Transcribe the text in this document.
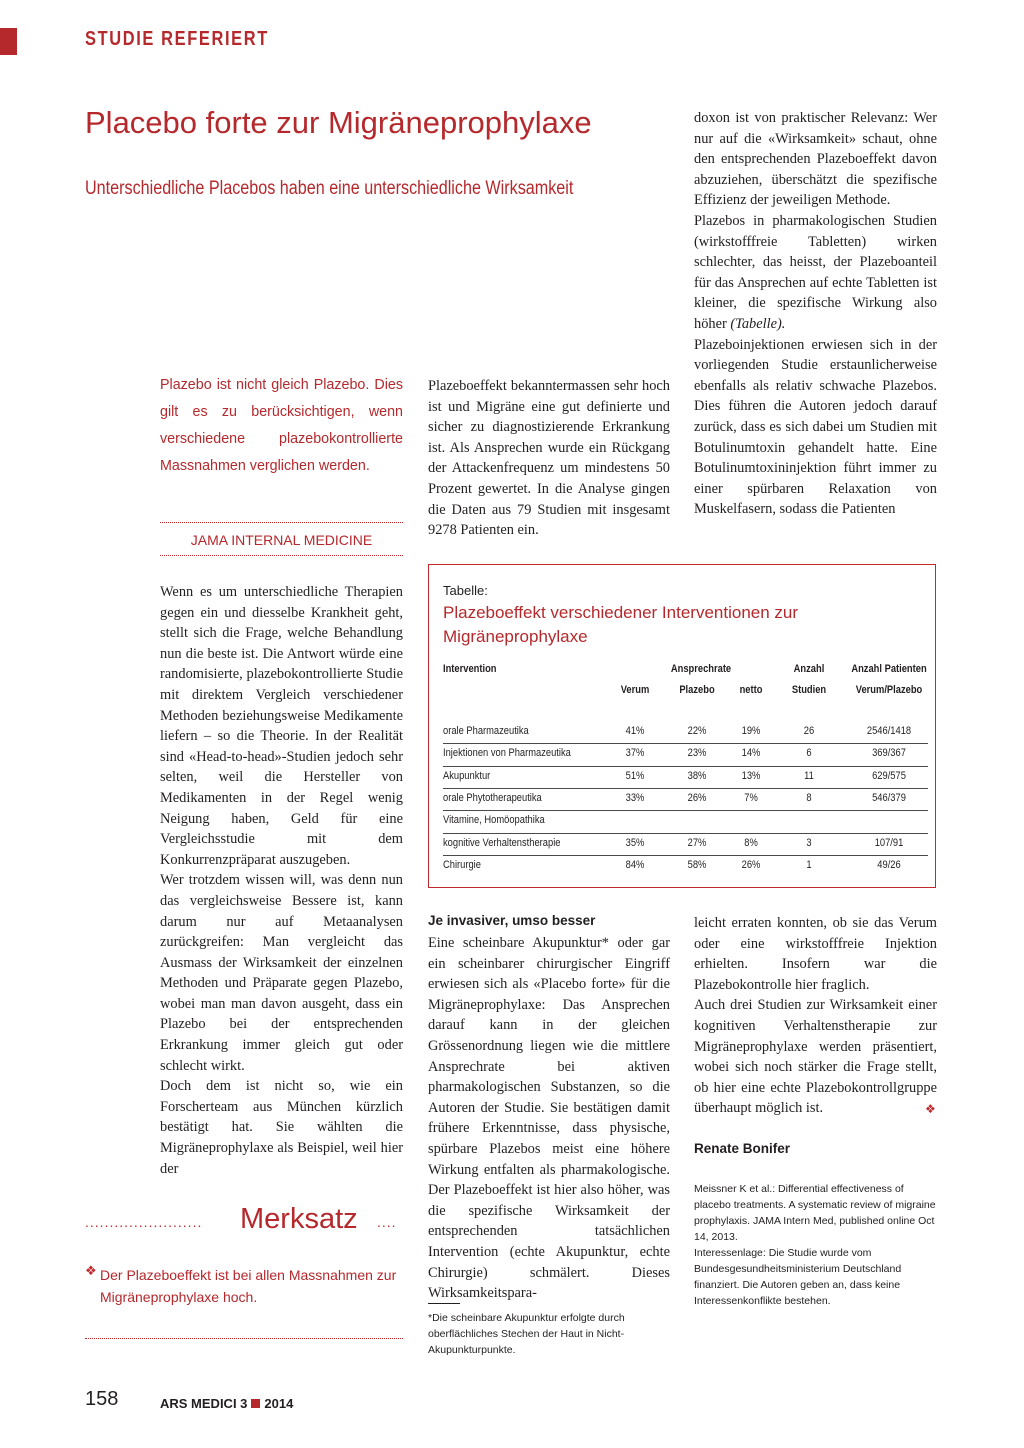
STUDIE REFERIERT
Placebo forte zur Migräneprophylaxe
Unterschiedliche Placebos haben eine unterschiedliche Wirksamkeit
Plazebo ist nicht gleich Plazebo. Dies gilt es zu berücksichtigen, wenn verschiedene plazebokontrollierte Massnahmen verglichen werden.
JAMA INTERNAL MEDICINE

Wenn es um unterschiedliche Therapien gegen ein und diesselbe Krankheit geht, stellt sich die Frage, welche Behandlung nun die beste ist. Die Antwort würde eine randomisierte, plazebokontrollierte Studie mit direktem Vergleich verschiedener Methoden beziehungsweise Medikamente liefern – so die Theorie. In der Realität sind «Head-to-head»-Studien jedoch sehr selten, weil die Hersteller von Medikamenten in der Regel wenig Neigung haben, Geld für eine Vergleichsstudie mit dem Konkurrenzpräparat auszugeben.

Wer trotzdem wissen will, was denn nun das vergleichsweise Bessere ist, kann darum nur auf Metaanalysen zurückgreifen: Man vergleicht das Ausmass der Wirksamkeit der einzelnen Methoden und Präparate gegen Plazebo, wobei man man davon ausgeht, dass ein Plazebo bei der entsprechenden Erkrankung immer gleich gut oder schlecht wirkt.

Doch dem ist nicht so, wie ein Forscherteam aus München kürzlich bestätigt hat. Sie wählten die Migräneprophylaxe als Beispiel, weil hier der

Plazeboeffekt bekanntermassen sehr hoch ist und Migräne eine gut definierte und sicher zu diagnostizierende Erkrankung ist. Als Ansprechen wurde ein Rückgang der Attackenfrequenz um mindestens 50 Prozent gewertet. In die Analyse gingen die Daten aus 79 Studien mit insgesamt 9278 Patienten ein.

doxon ist von praktischer Relevanz: Wer nur auf die «Wirksamkeit» schaut, ohne den entsprechenden Plazeboeffekt davon abzuziehen, überschätzt die spezifische Effizienz der jeweiligen Methode.

Plazebos in pharmakologischen Studien (wirkstofffreie Tabletten) wirken schlechter, das heisst, der Plazeboanteil für das Ansprechen auf echte Tabletten ist kleiner, die spezifische Wirkung also höher (Tabelle).

Plazeboinjektionen erwiesen sich in der vorliegenden Studie erstaunlicherweise ebenfalls als relativ schwache Plazebos. Dies führen die Autoren jedoch darauf zurück, dass es sich dabei um Studien mit Botulinumtoxin gehandelt hatte. Eine Botulinumtoxininjektion führt immer zu einer spürbaren Relaxation von Muskelfasern, sodass die Patienten

Tabelle:
Plazeboeffekt verschiedener Interventionen zur Migräneprophylaxe
Intervention	Ansprechrate	Anzahl	Anzahl Patienten
Verum	Plazebo	netto	Studien	Verum/Plazebo
orale Pharmazeutika	41%	22%	19%	26	2546/1418
Injektionen von Pharmazeutika	37%	23%	14%	6	369/367
Akupunktur	51%	38%	13%	11	629/575
orale Phytotherapeutika	33%	26%	7%	8	546/379
Vitamine, Homöopathika
kognitive Verhaltenstherapie	35%	27%	8%	3	107/91
Chirurgie	84%	58%	26%	1	49/26
Je invasiver, umso besser

Eine scheinbare Akupunktur* oder gar ein scheinbarer chirurgischer Eingriff erwiesen sich als «Placebo forte» für die Migräneprophylaxe: Das Ansprechen darauf kann in der gleichen Grössenordnung liegen wie die mittlere Ansprechrate bei aktiven pharmakologischen Substanzen, so die Autoren der Studie. Sie bestätigen damit frühere Erkenntnisse, dass physische, spürbare Plazebos meist eine höhere Wirkung entfalten als pharmakologische. Der Plazeboeffekt ist hier also höher, was die spezifische Wirksamkeit der entsprechenden tatsächlichen Intervention (echte Akupunktur, echte Chirurgie) schmälert. Dieses Wirksamkeitspara-

leicht erraten konnten, ob sie das Verum oder eine wirkstofffreie Injektion erhielten. Insofern war die Plazebokontrolle hier fraglich.

Auch drei Studien zur Wirksamkeit einer kognitiven Verhaltenstherapie zur Migräneprophylaxe werden präsentiert, wobei sich noch stärker die Frage stellt, ob hier eine echte Plazebokontrollgruppe überhaupt möglich ist.	❖
Renate Bonifer
Meissner K et al.: Differential effectiveness of placebo treatments. A systematic review of migraine prophylaxis. JAMA Intern Med, published online Oct 14, 2013.
Interessenlage: Die Studie wurde vom Bundesgesundheitsministerium Deutschland finanziert. Die Autoren geben an, dass keine Interessenkonflikte bestehen.
........................ Merksatz ....
❖ Der Plazeboeffekt ist bei allen Massnahmen zur Migräneprophylaxe hoch.
*Die scheinbare Akupunktur erfolgte durch oberflächliches Stechen der Haut in Nicht-Akupunkturpunkte.
158	ARS MEDICI 3 2014
